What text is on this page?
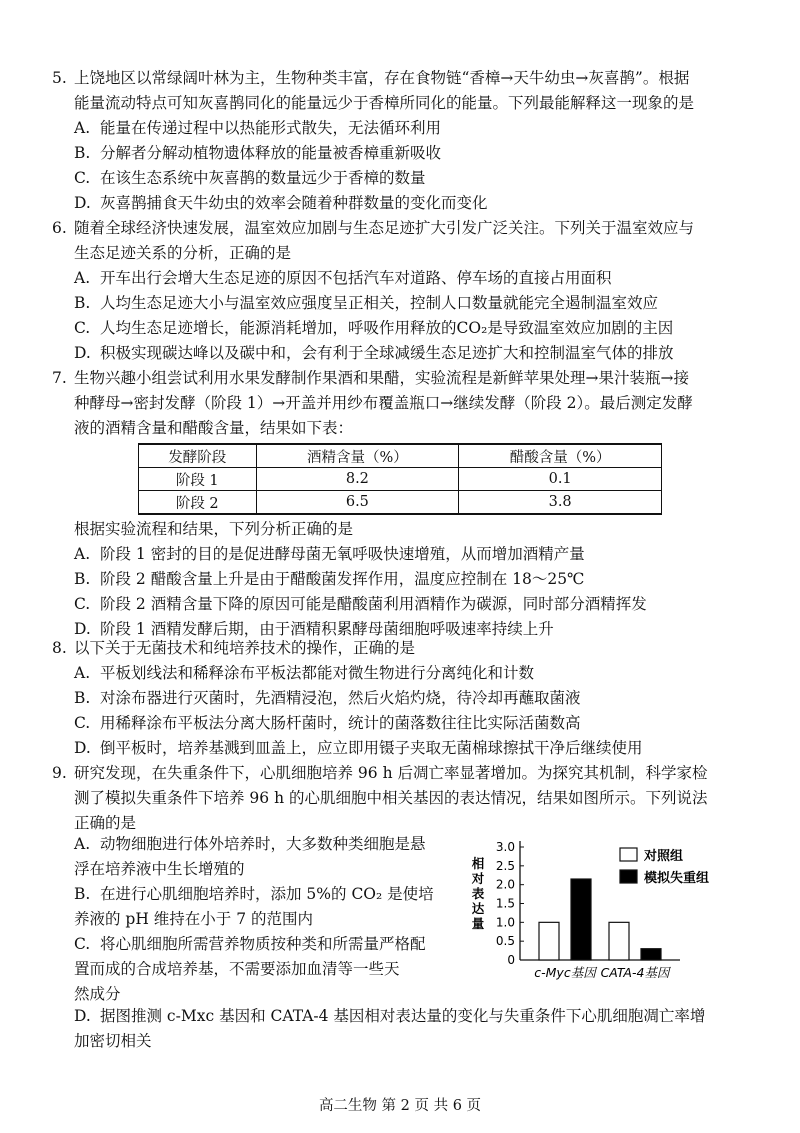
5. 上饶地区以常绿阔叶林为主，生物种类丰富，存在食物链“香樟→天牛幼虫→灰喜鹊”。根据

能量流动特点可知灰喜鹊同化的能量远少于香樟所同化的能量。下列最能解释这一现象的是

A. 能量在传递过程中以热能形式散失，无法循环利用

B. 分解者分解动植物遗体释放的能量被香樟重新吸收

C. 在该生态系统中灰喜鹊的数量远少于香樟的数量

D. 灰喜鹊捕食天牛幼虫的效率会随着种群数量的变化而变化

6. 随着全球经济快速发展，温室效应加剧与生态足迹扩大引发广泛关注。下列关于温室效应与

生态足迹关系的分析，正确的是

A. 开车出行会增大生态足迹的原因不包括汽车对道路、停车场的直接占用面积

B. 人均生态足迹大小与温室效应强度呈正相关，控制人口数量就能完全遏制温室效应

C. 人均生态足迹增长，能源消耗增加，呼吸作用释放的CO₂是导致温室效应加剧的主因

D. 积极实现碳达峰以及碳中和，会有利于全球减缓生态足迹扩大和控制温室气体的排放

7. 生物兴趣小组尝试利用水果发酵制作果酒和果醋，实验流程是新鲜苹果处理→果汁装瓶→接

种酵母→密封发酵（阶段 1）→开盖并用纱布覆盖瓶口→继续发酵（阶段 2）。最后测定发酵

液的酒精含量和醋酸含量，结果如下表：

发酵阶段	酒精含量（%）	醋酸含量（%）
阶段 1	8.2	0.1
阶段 2	6.5	3.8

根据实验流程和结果，下列分析正确的是

A. 阶段 1 密封的目的是促进酵母菌无氧呼吸快速增殖，从而增加酒精产量

B. 阶段 2 醋酸含量上升是由于醋酸菌发挥作用，温度应控制在 18～25℃

C. 阶段 2 酒精含量下降的原因可能是醋酸菌利用酒精作为碳源，同时部分酒精挥发

D. 阶段 1 酒精发酵后期，由于酒精积累酵母菌细胞呼吸速率持续上升

8. 以下关于无菌技术和纯培养技术的操作，正确的是

A. 平板划线法和稀释涂布平板法都能对微生物进行分离纯化和计数

B. 对涂布器进行灭菌时，先酒精浸泡，然后火焰灼烧，待冷却再蘸取菌液

C. 用稀释涂布平板法分离大肠杆菌时，统计的菌落数往往比实际活菌数高

D. 倒平板时，培养基溅到皿盖上，应立即用镊子夹取无菌棉球擦拭干净后继续使用

9. 研究发现，在失重条件下，心肌细胞培养 96 h 后凋亡率显著增加。为探究其机制，科学家检

测了模拟失重条件下培养 96 h 的心肌细胞中相关基因的表达情况，结果如图所示。下列说法

正确的是

A. 动物细胞进行体外培养时，大多数种类细胞是悬

浮在培养液中生长增殖的

B. 在进行心肌细胞培养时，添加 5%的 CO₂ 是使培

养液的 pH 维持在小于 7 的范围内

C. 将心肌细胞所需营养物质按种类和所需量严格配

置而成的合成培养基，不需要添加血清等一些天

然成分

D. 据图推测 c-Mxc 基因和 CATA-4 基因相对表达量的变化与失重条件下心肌细胞凋亡率增

加密切相关

0
0.5
1.0
1.5
2.0
2.5
3.0
相
对
表
达
量
c-Myc基因 CATA-4基因
对照组
模拟失重组
高二生物 第 2 页 共 6 页
